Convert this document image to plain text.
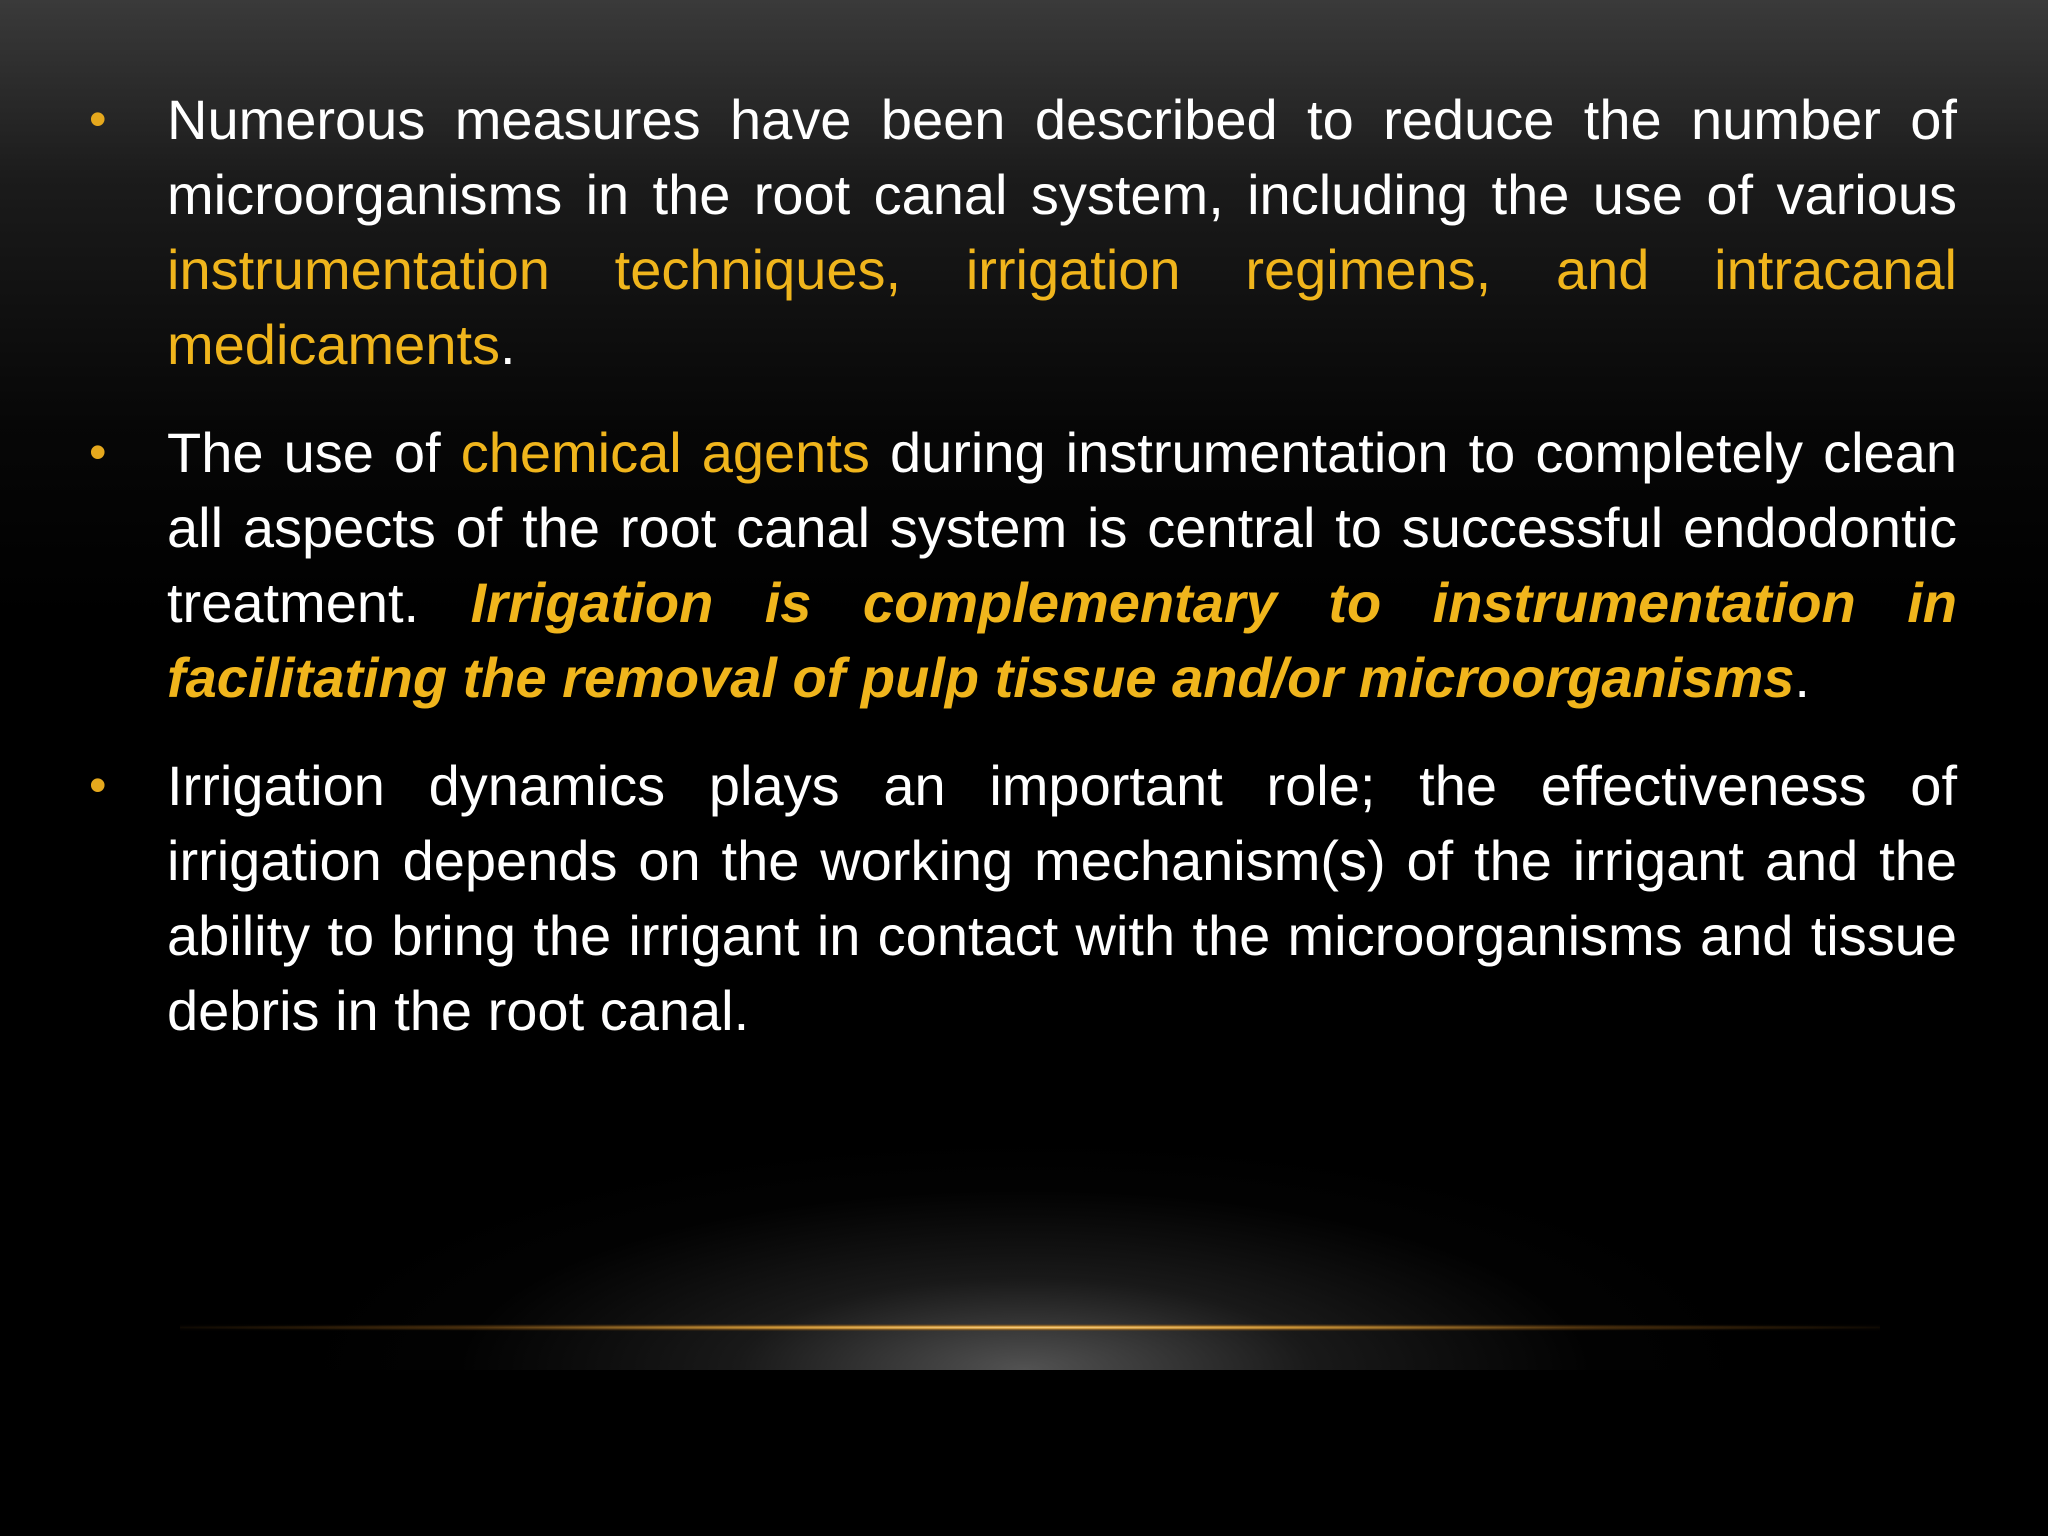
• Numerous measures have been described to reduce the number of microorganisms in the root canal system, including the use of various instrumentation techniques, irrigation regimens, and intracanal medicaments.
• The use of chemical agents during instrumentation to completely clean all aspects of the root canal system is central to successful endodontic treatment. Irrigation is complementary to instrumentation in facilitating the removal of pulp tissue and/or microorganisms.
• Irrigation dynamics plays an important role; the effectiveness of irrigation depends on the working mechanism(s) of the irrigant and the ability to bring the irrigant in contact with the microorganisms and tissue debris in the root canal.
